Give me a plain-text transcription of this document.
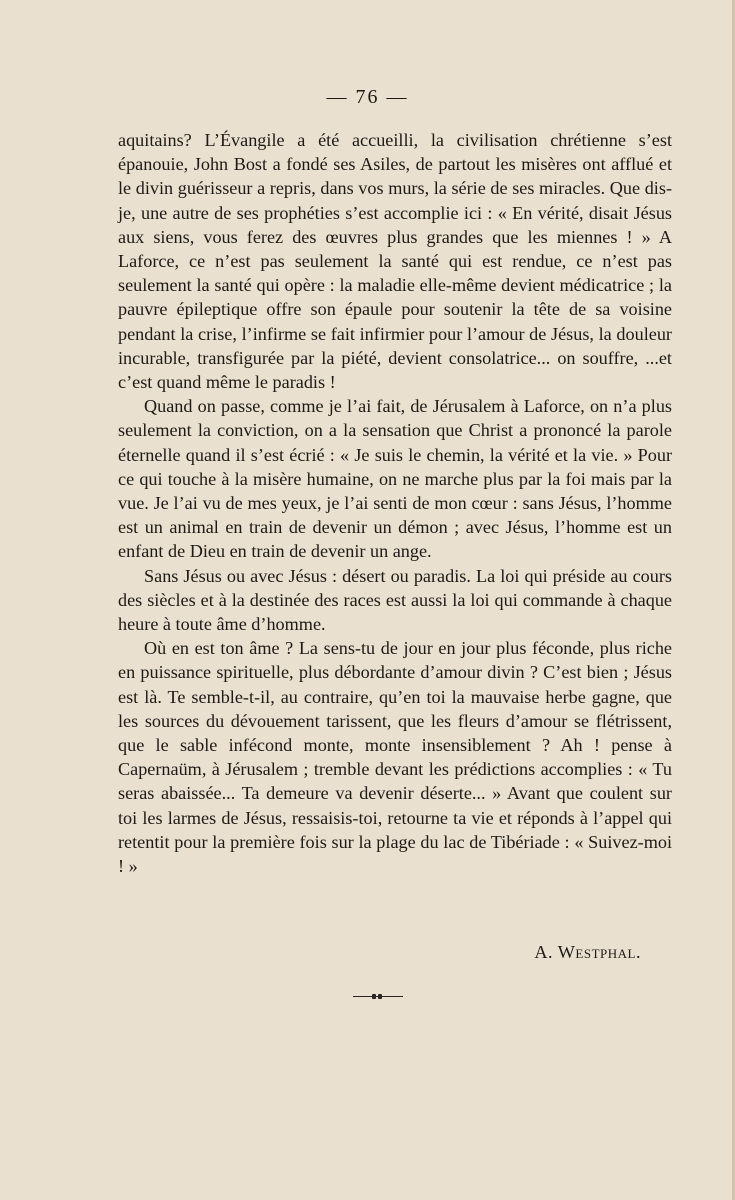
— 76 —

aquitains? L’Évangile a été accueilli, la civilisation chrétienne s’est épanouie, John Bost a fondé ses Asiles, de partout les misères ont afflué et le divin guérisseur a repris, dans vos murs, la série de ses miracles. Que dis-je, une autre de ses prophéties s’est accomplie ici : « En vérité, disait Jésus aux siens, vous ferez des œuvres plus grandes que les miennes ! » A Laforce, ce n’est pas seulement la santé qui est rendue, ce n’est pas seulement la santé qui opère : la maladie elle-même devient médicatrice ; la pauvre épileptique offre son épaule pour soutenir la tête de sa voisine pendant la crise, l’infirme se fait infirmier pour l’amour de Jésus, la douleur incurable, transfigurée par la piété, devient consolatrice... on souffre, ...et c’est quand même le paradis !

Quand on passe, comme je l’ai fait, de Jérusalem à Laforce, on n’a plus seulement la conviction, on a la sensation que Christ a prononcé la parole éternelle quand il s’est écrié : « Je suis le chemin, la vérité et la vie. » Pour ce qui touche à la misère humaine, on ne marche plus par la foi mais par la vue. Je l’ai vu de mes yeux, je l’ai senti de mon cœur : sans Jésus, l’homme est un animal en train de devenir un démon ; avec Jésus, l’homme est un enfant de Dieu en train de devenir un ange.

Sans Jésus ou avec Jésus : désert ou paradis. La loi qui préside au cours des siècles et à la destinée des races est aussi la loi qui commande à chaque heure à toute âme d’homme.

Où en est ton âme ? La sens-tu de jour en jour plus féconde, plus riche en puissance spirituelle, plus débordante d’amour divin ? C’est bien ; Jésus est là. Te semble-t-il, au contraire, qu’en toi la mauvaise herbe gagne, que les sources du dévouement tarissent, que les fleurs d’amour se flétrissent, que le sable infécond monte, monte insensiblement ? Ah ! pense à Capernaüm, à Jérusalem ; tremble devant les prédictions accomplies : « Tu seras abaissée... Ta demeure va devenir déserte... » Avant que coulent sur toi les larmes de Jésus, ressaisis-toi, retourne ta vie et réponds à l’appel qui retentit pour la première fois sur la plage du lac de Tibériade : « Suivez-moi ! »

A. Westphal.
